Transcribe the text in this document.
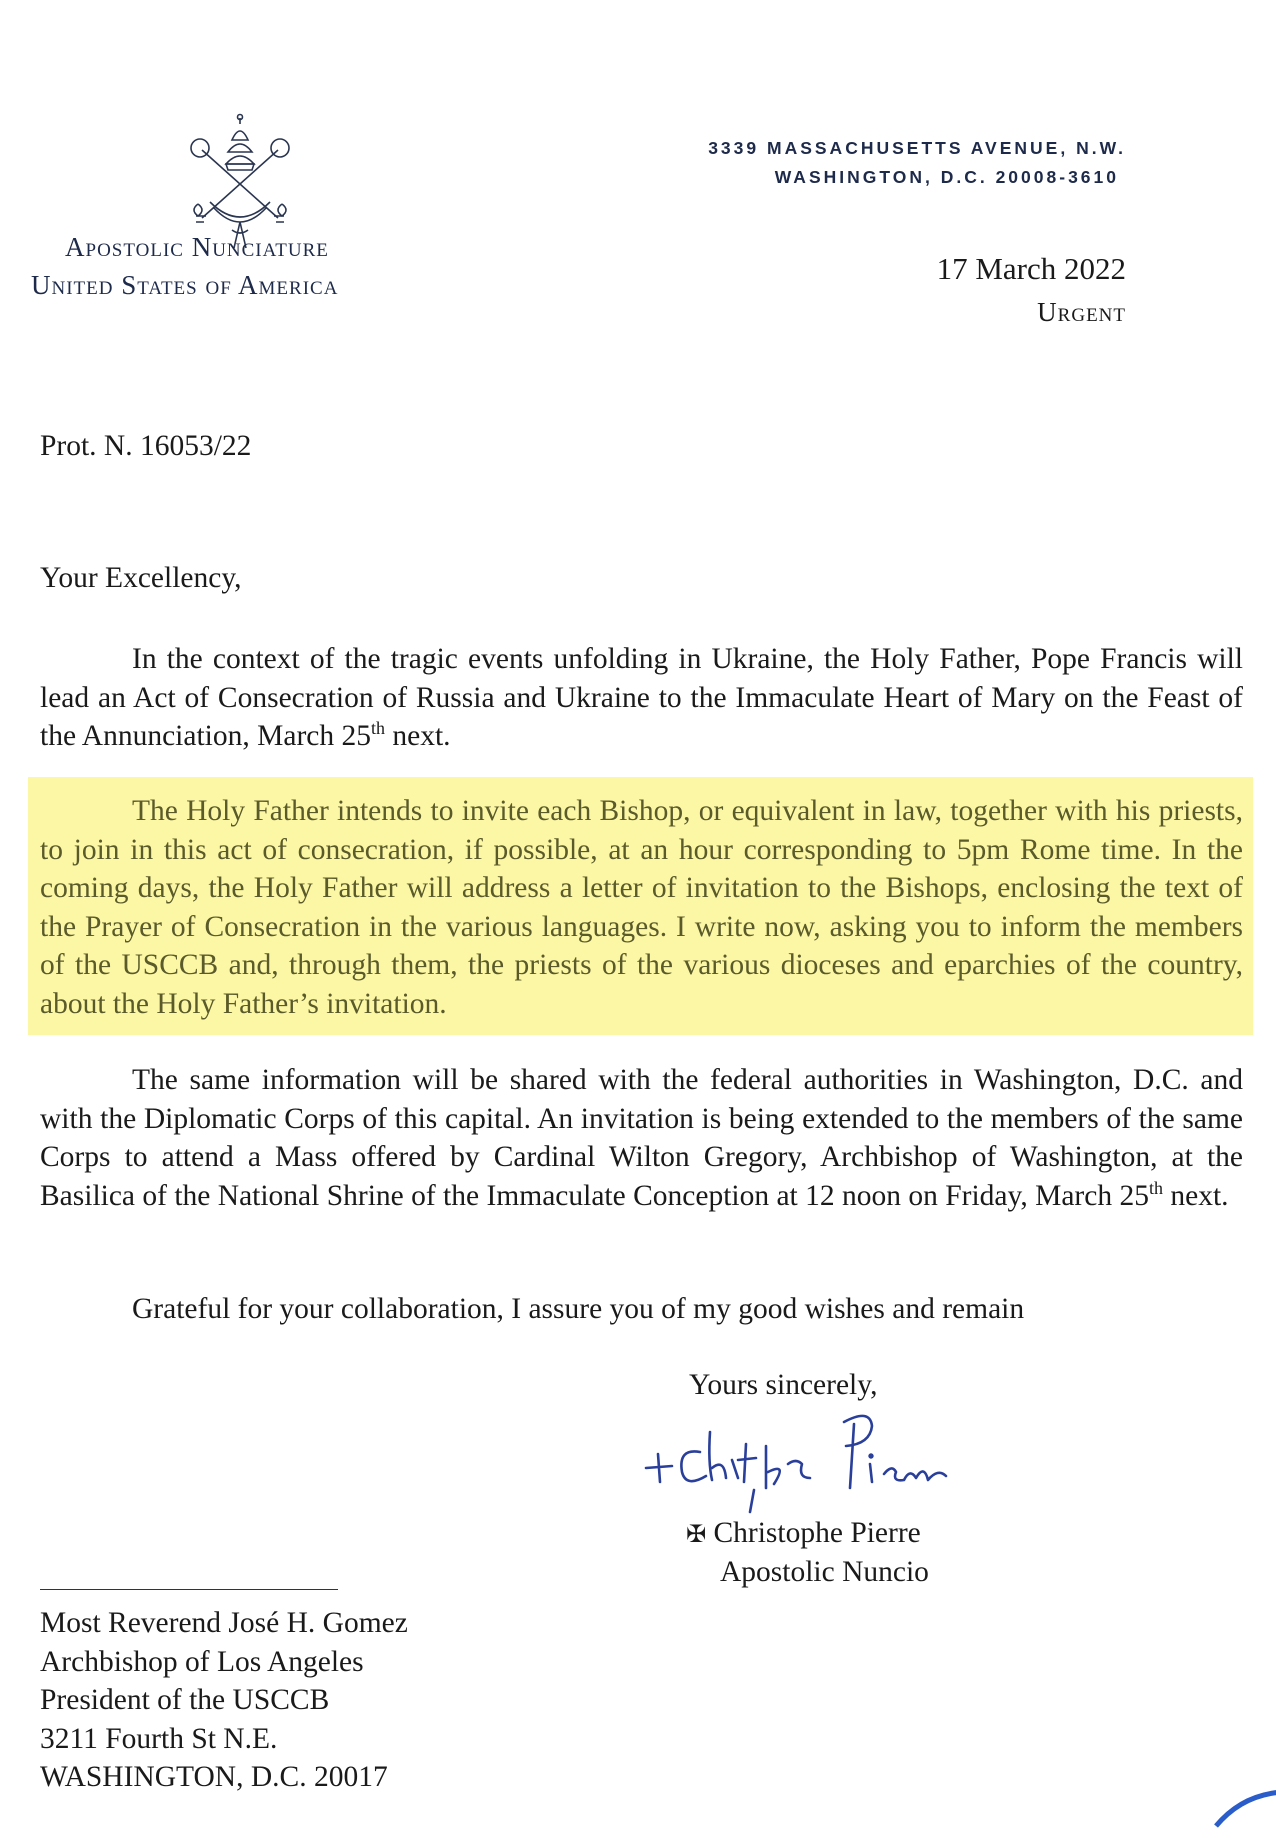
Apostolic Nunciature
United States of America
3339 MASSACHUSETTS AVENUE, N.W.
WASHINGTON, D.C. 20008-3610
17 March 2022
Urgent
Prot. N. 16053/22
Your Excellency,
In the context of the tragic events unfolding in Ukraine, the Holy Father, Pope Francis will lead an Act of Consecration of Russia and Ukraine to the Immaculate Heart of Mary on the Feast of the Annunciation, March 25th next.
The Holy Father intends to invite each Bishop, or equivalent in law, together with his priests, to join in this act of consecration, if possible, at an hour corresponding to 5pm Rome time. In the coming days, the Holy Father will address a letter of invitation to the Bishops, enclosing the text of the Prayer of Consecration in the various languages. I write now, asking you to inform the members of the USCCB and, through them, the priests of the various dioceses and eparchies of the country, about the Holy Father’s invitation.
The same information will be shared with the federal authorities in Washington, D.C. and with the Diplomatic Corps of this capital. An invitation is being extended to the members of the same Corps to attend a Mass offered by Cardinal Wilton Gregory, Archbishop of Washington, at the Basilica of the National Shrine of the Immaculate Conception at 12 noon on Friday, March 25th next.
Grateful for your collaboration, I assure you of my good wishes and remain
Yours sincerely,
✠ Christophe Pierre
Apostolic Nuncio
Most Reverend José H. Gomez
Archbishop of Los Angeles
President of the USCCB
3211 Fourth St N.E.
WASHINGTON, D.C. 20017
